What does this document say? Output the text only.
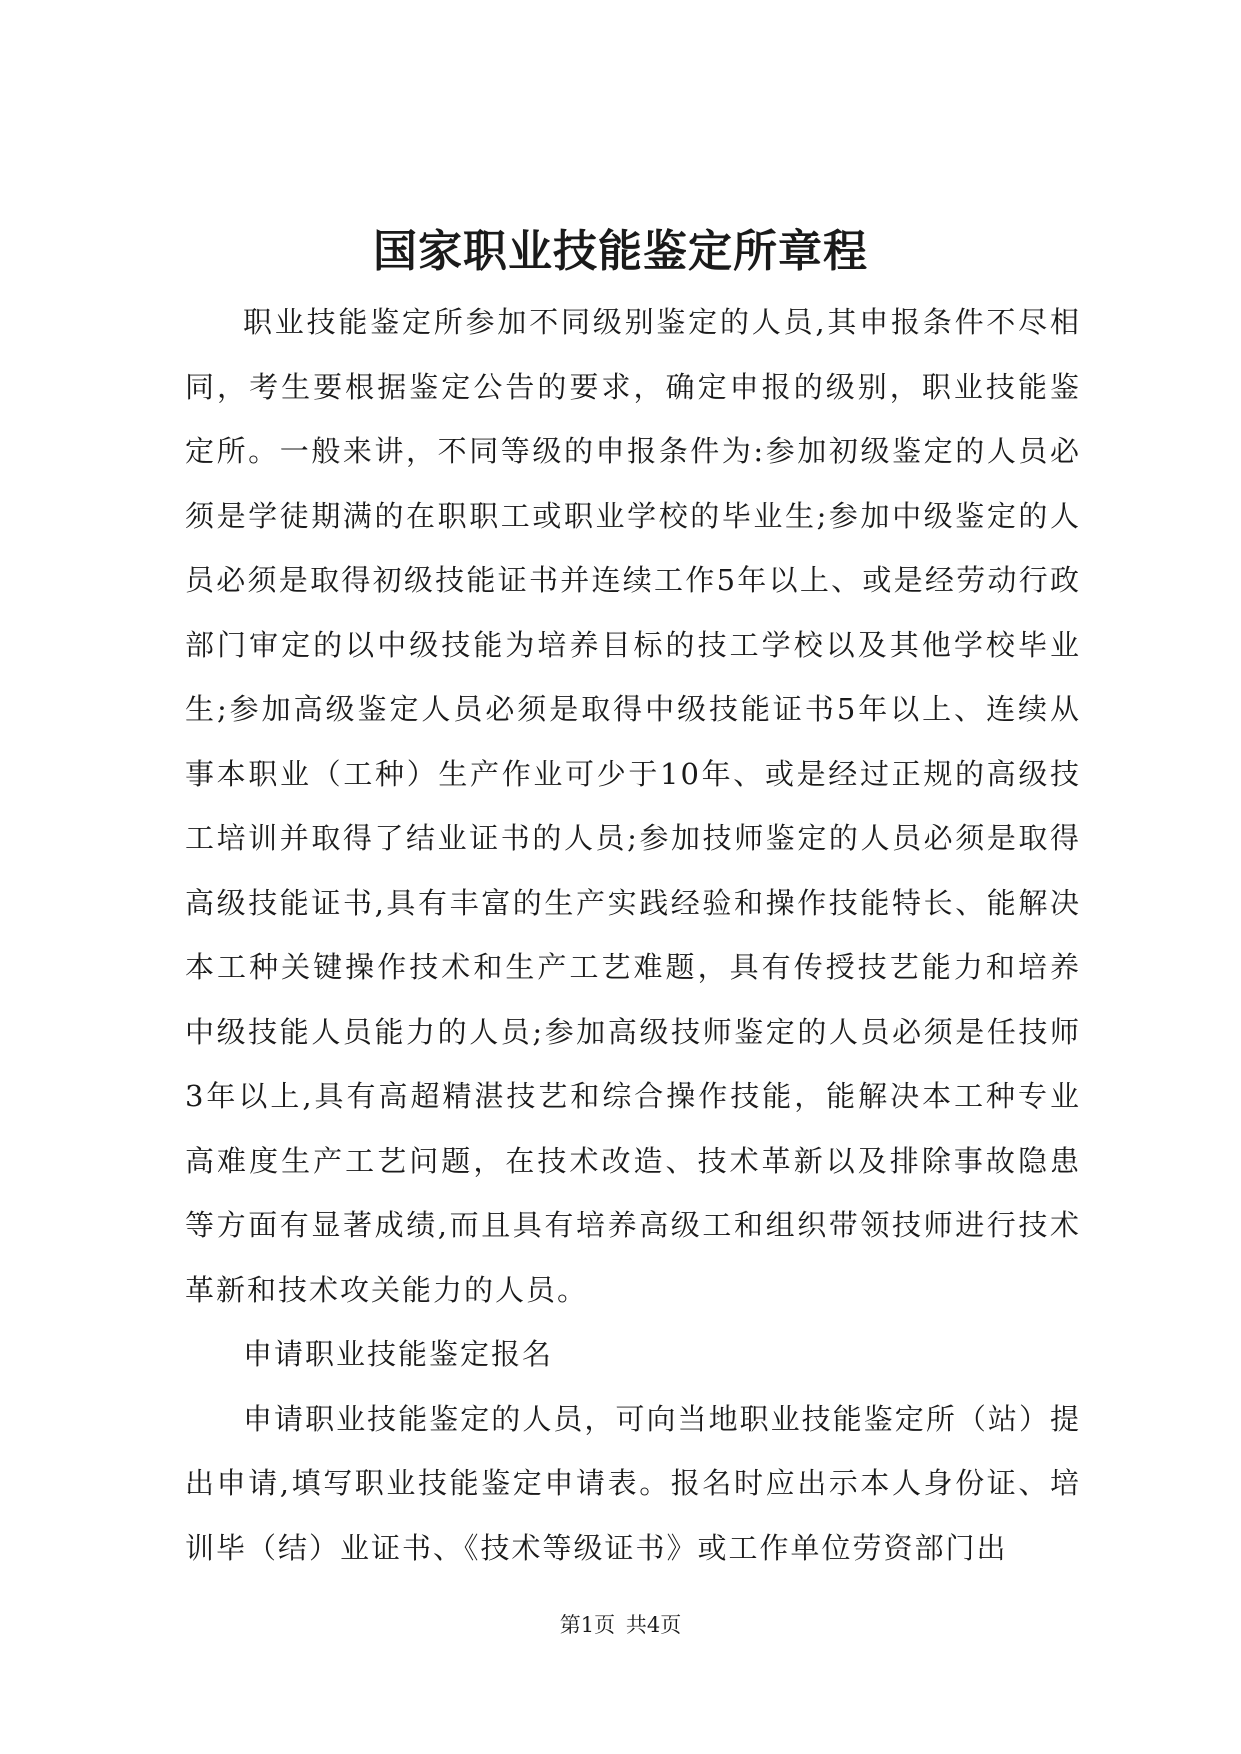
国家职业技能鉴定所章程

职业技能鉴定所参加不同级别鉴定的人员,其申报条件不尽相同，考生要根据鉴定公告的要求，确定申报的级别，职业技能鉴定所。一般来讲，不同等级的申报条件为:参加初级鉴定的人员必须是学徒期满的在职职工或职业学校的毕业生;参加中级鉴定的人员必须是取得初级技能证书并连续工作5年以上、或是经劳动行政部门审定的以中级技能为培养目标的技工学校以及其他学校毕业生;参加高级鉴定人员必须是取得中级技能证书5年以上、连续从事本职业（工种）生产作业可少于10年、或是经过正规的高级技工培训并取得了结业证书的人员;参加技师鉴定的人员必须是取得高级技能证书,具有丰富的生产实践经验和操作技能特长、能解决本工种关键操作技术和生产工艺难题，具有传授技艺能力和培养中级技能人员能力的人员;参加高级技师鉴定的人员必须是任技师3年以上,具有高超精湛技艺和综合操作技能，能解决本工种专业高难度生产工艺问题，在技术改造、技术革新以及排除事故隐患等方面有显著成绩,而且具有培养高级工和组织带领技师进行技术革新和技术攻关能力的人员。

申请职业技能鉴定报名

申请职业技能鉴定的人员，可向当地职业技能鉴定所（站）提出申请,填写职业技能鉴定申请表。报名时应出示本人身份证、培训毕（结）业证书、《技术等级证书》或工作单位劳资部门出

第1页 共4页
